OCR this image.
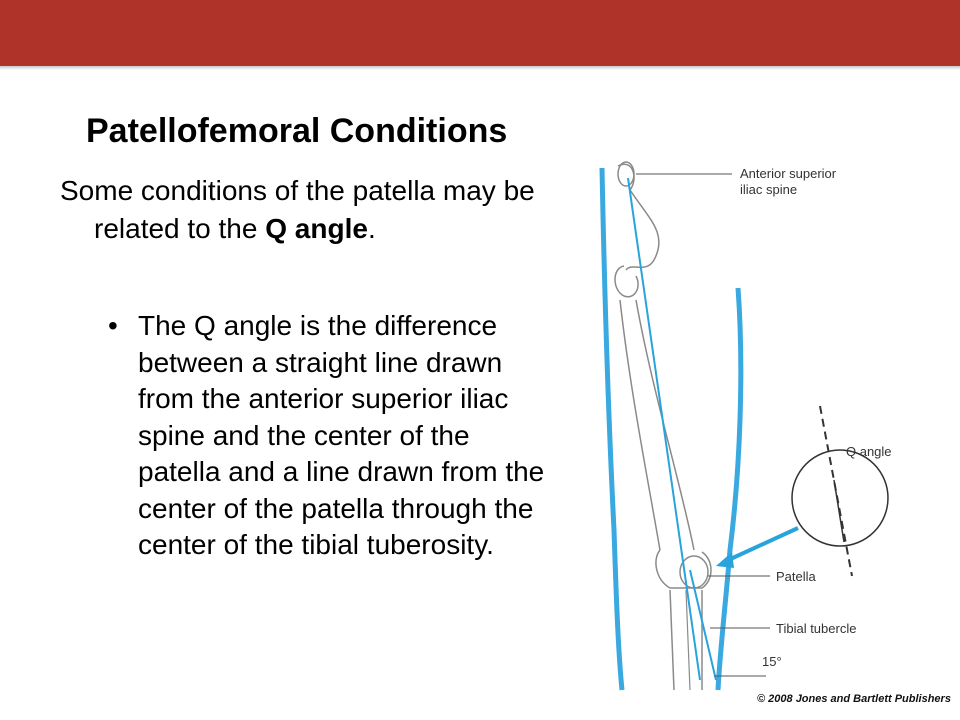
Patellofemoral Conditions

Some conditions of the patella may be related to the Q angle.

• The Q angle is the difference between a straight line drawn from the anterior superior iliac spine and the center of the patella and a line drawn from the center of the patella through the center of the tibial tuberosity.
Anterior superior
iliac spine
Q angle
Patella
Tibial tubercle
15°
© 2008 Jones and Bartlett Publishers
